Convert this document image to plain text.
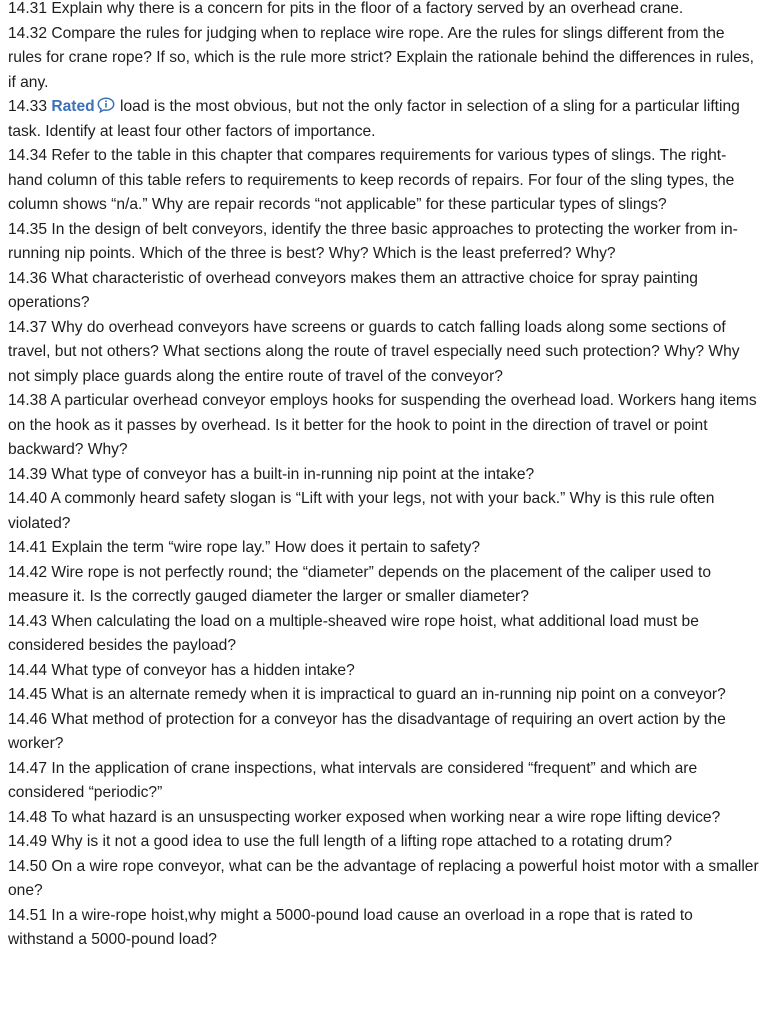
14.31 Explain why there is a concern for pits in the floor of a factory served by an overhead crane.

14.32 Compare the rules for judging when to replace wire rope. Are the rules for slings different from the rules for crane rope? If so, which is the rule more strict? Explain the rationale behind the differences in rules, if any.

14.33 Rated load is the most obvious, but not the only factor in selection of a sling for a particular lifting task. Identify at least four other factors of importance.

14.34 Refer to the table in this chapter that compares requirements for various types of slings. The right-hand column of this table refers to requirements to keep records of repairs. For four of the sling types, the column shows “n/a.” Why are repair records “not applicable” for these particular types of slings?

14.35 In the design of belt conveyors, identify the three basic approaches to protecting the worker from in-running nip points. Which of the three is best? Why? Which is the least preferred? Why?

14.36 What characteristic of overhead conveyors makes them an attractive choice for spray painting operations?

14.37 Why do overhead conveyors have screens or guards to catch falling loads along some sections of travel, but not others? What sections along the route of travel especially need such protection? Why? Why not simply place guards along the entire route of travel of the conveyor?

14.38 A particular overhead conveyor employs hooks for suspending the overhead load. Workers hang items on the hook as it passes by overhead. Is it better for the hook to point in the direction of travel or point backward? Why?

14.39 What type of conveyor has a built-in in-running nip point at the intake?

14.40 A commonly heard safety slogan is “Lift with your legs, not with your back.” Why is this rule often violated?

14.41 Explain the term “wire rope lay.” How does it pertain to safety?

14.42 Wire rope is not perfectly round; the “diameter” depends on the placement of the caliper used to measure it. Is the correctly gauged diameter the larger or smaller diameter?

14.43 When calculating the load on a multiple-sheaved wire rope hoist, what additional load must be considered besides the payload?

14.44 What type of conveyor has a hidden intake?

14.45 What is an alternate remedy when it is impractical to guard an in-running nip point on a conveyor?

14.46 What method of protection for a conveyor has the disadvantage of requiring an overt action by the worker?

14.47 In the application of crane inspections, what intervals are considered “frequent” and which are considered “periodic?”

14.48 To what hazard is an unsuspecting worker exposed when working near a wire rope lifting device?

14.49 Why is it not a good idea to use the full length of a lifting rope attached to a rotating drum?

14.50 On a wire rope conveyor, what can be the advantage of replacing a powerful hoist motor with a smaller one?

14.51 In a wire-rope hoist,why might a 5000-pound load cause an overload in a rope that is rated to withstand a 5000-pound load?
